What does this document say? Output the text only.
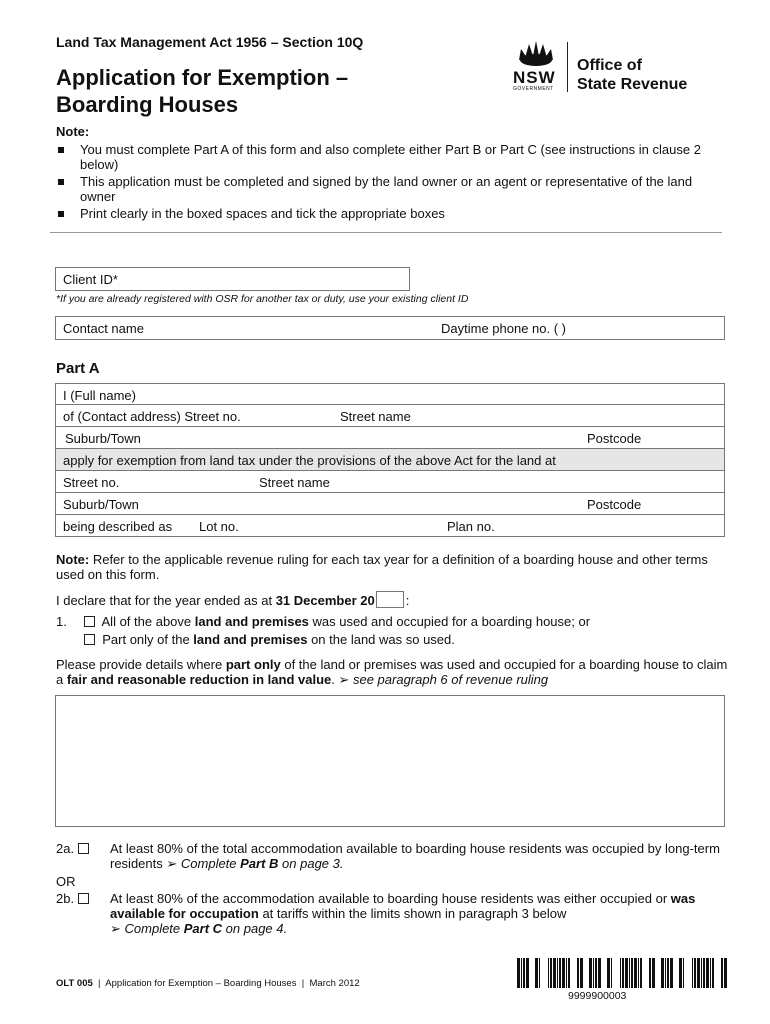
Land Tax Management Act 1956 – Section 10Q
Application for Exemption –
Boarding Houses
NSW
GOVERNMENT
Office of
State Revenue
Note:
You must complete Part A of this form and also complete either Part B or Part C (see instructions in clause 2 below)
This application must be completed and signed by the land owner or an agent or representative of the land owner
Print clearly in the boxed spaces and tick the appropriate boxes
Client ID*
*If you are already registered with OSR for another tax or duty, use your existing client ID
Contact name	Daytime phone no. ( )
Part A
I (Full name)
of (Contact address) Street no.	Street name
Suburb/Town	Postcode
apply for exemption from land tax under the provisions of the above Act for the land at
Street no.	Street name
Suburb/Town	Postcode
being described as Lot no.	Plan no.
Note: Refer to the applicable revenue ruling for each tax year for a definition of a boarding house and other terms used on this form.
I declare that for the year ended as at 31 December 20 :
1.	All of the above land and premises was used and occupied for a boarding house; or
Part only of the land and premises on the land was so used.
Please provide details where part only of the land or premises was used and occupied for a boarding house to claim a fair and reasonable reduction in land value. ➢ see paragraph 6 of revenue ruling
2a.	At least 80% of the total accommodation available to boarding house residents was occupied by long-term residents ➢ Complete Part B on page 3.
OR
2b.	At least 80% of the accommodation available to boarding house residents was either occupied or was available for occupation at tariffs within the limits shown in paragraph 3 below
➢ Complete Part C on page 4.
OLT 005  |  Application for Exemption – Boarding Houses  |  March 2012
9999900003
